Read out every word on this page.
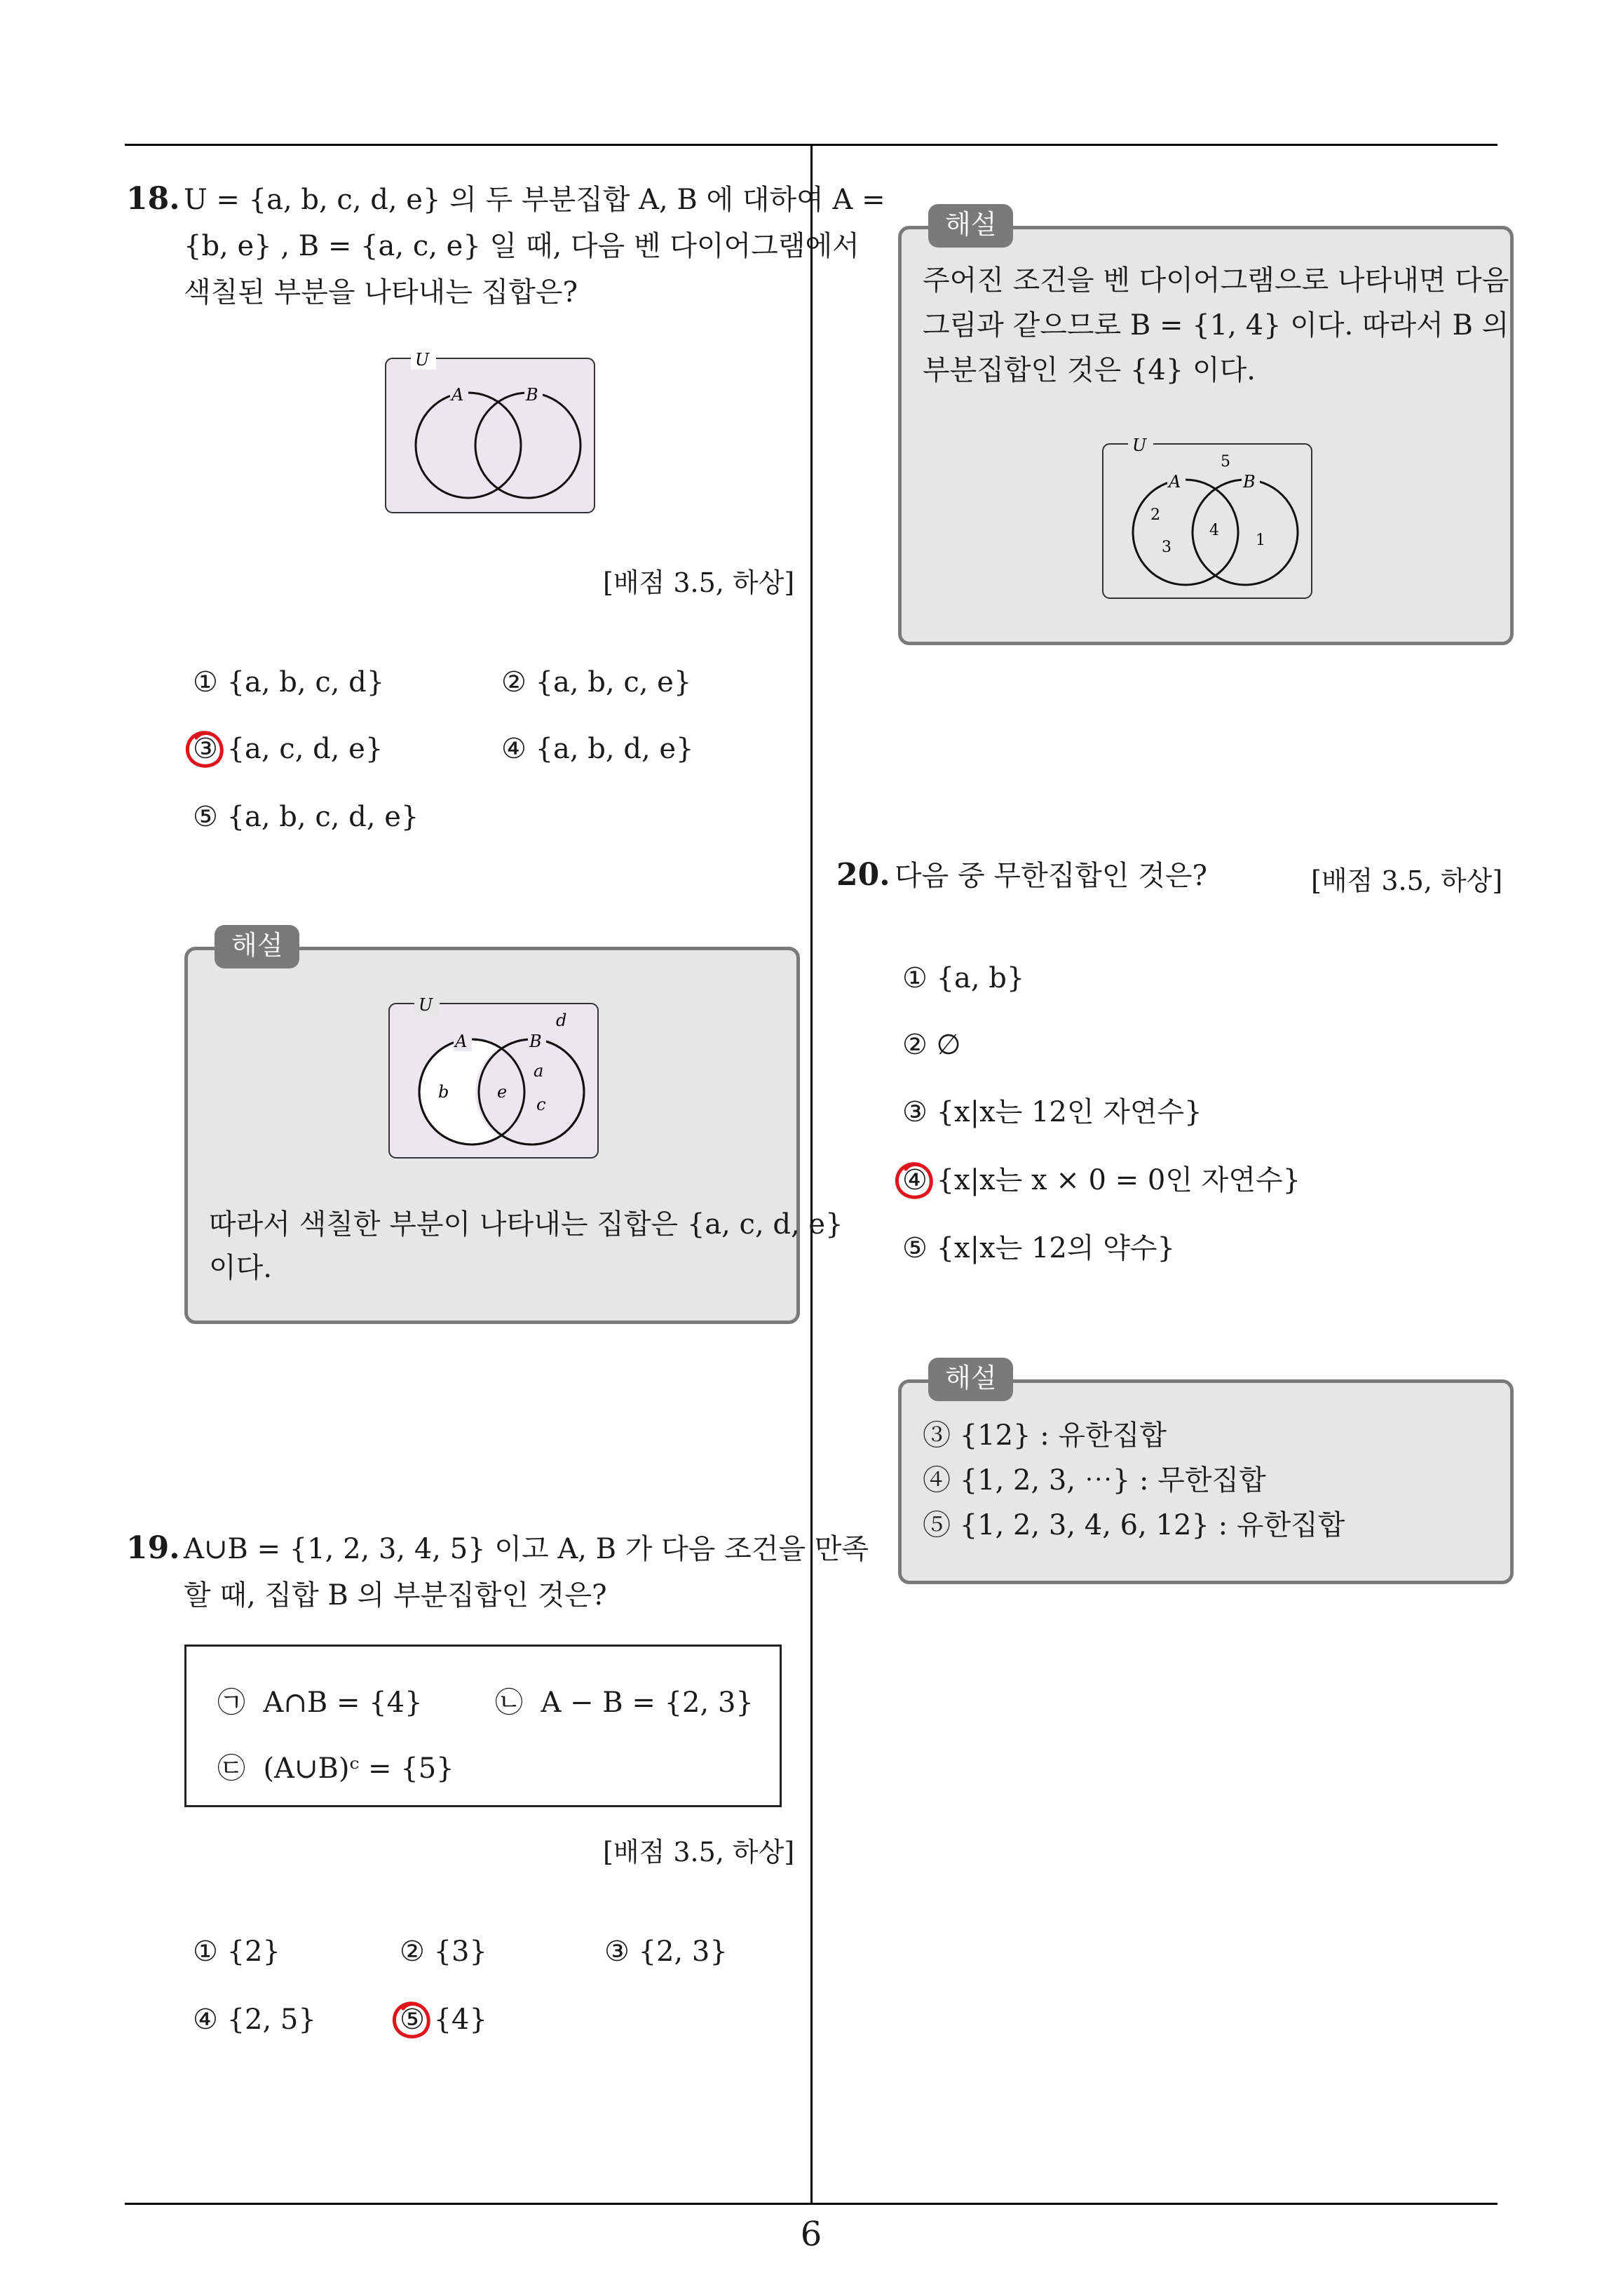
6
18. U = {a, b, c, d, e} 의 두 부분집합 A, B 에 대하여 A =
{b, e} , B = {a, c, e} 일 때, 다음 벤 다이어그램에서
색칠된 부분을 나타내는 집합은?
U
A	B
[배점 3.5, 하상]
① {a, b, c, d}	② {a, b, c, e}
③ {a, c, d, e}	④ {a, b, d, e}
⑤ {a, b, c, d, e}
해설
U
A	B
d
b	e
a
c
따라서 색칠한 부분이 나타내는 집합은 {a, c, d, e}
이다.
19. A∪B = {1, 2, 3, 4, 5} 이고 A, B 가 다음 조건을 만족
할 때, 집합 B 의 부분집합인 것은?
㉠ A∩B = {4}	㉡ A − B = {2, 3}
㉢ (A∪B)ᶜ = {5}
[배점 3.5, 하상]
① {2}	② {3}	③ {2, 3}
④ {2, 5}	⑤ {4}
해설
주어진 조건을 벤 다이어그램으로 나타내면 다음
그림과 같으므로 B = {1, 4} 이다. 따라서 B 의
부분집합인 것은 {4} 이다.
U
A	B
5
2
3
4
1
20. 다음 중 무한집합인 것은?	[배점 3.5, 하상]
① {a, b}
② ∅
③ {x|x는 12인 자연수}
④ {x|x는 x × 0 = 0인 자연수}
⑤ {x|x는 12의 약수}
해설
③ {12} : 유한집합
④ {1, 2, 3, ⋯} : 무한집합
⑤ {1, 2, 3, 4, 6, 12} : 유한집합
